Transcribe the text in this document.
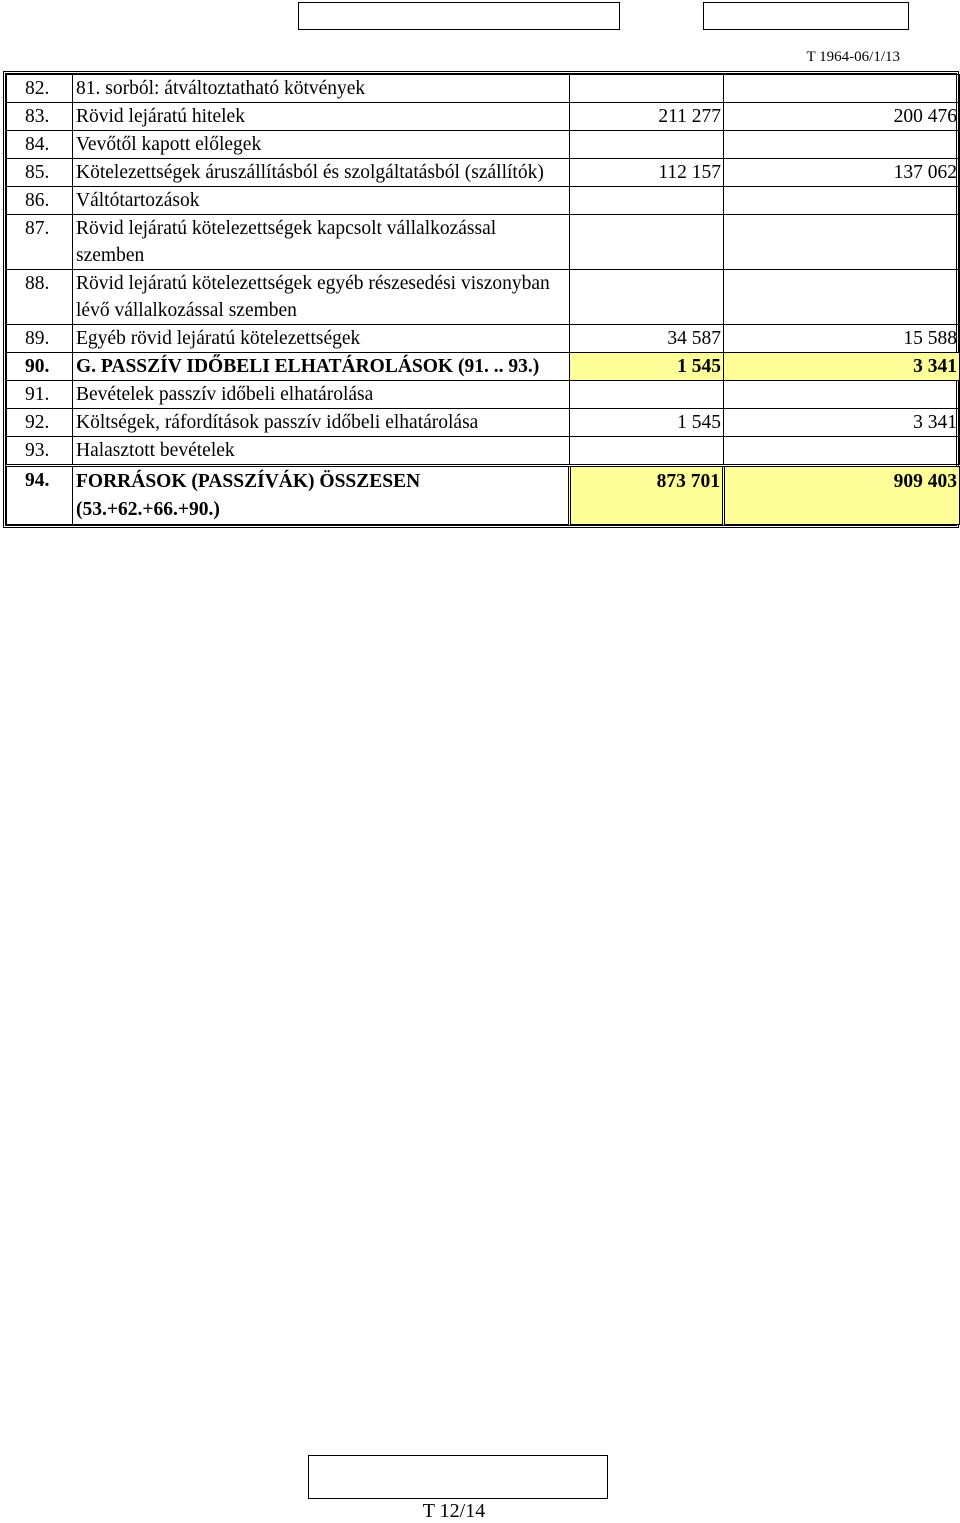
T 1964-06/1/13
82.	81. sorból: átváltoztatható kötvények		
83.	Rövid lejáratú hitelek	211 277	200 476
84.	Vevőtől kapott előlegek		
85.	Kötelezettségek áruszállításból és szolgáltatásból (szállítók)	112 157	137 062
86.	Váltótartozások		
87.	Rövid lejáratú kötelezettségek kapcsolt vállalkozással szemben		
88.	Rövid lejáratú kötelezettségek egyéb részesedési viszonyban lévő vállalkozással szemben		
89.	Egyéb rövid lejáratú kötelezettségek	34 587	15 588
90.	G. PASSZÍV IDŐBELI ELHATÁROLÁSOK (91. .. 93.)	1 545	3 341
91.	Bevételek passzív időbeli elhatárolása		
92.	Költségek, ráfordítások passzív időbeli elhatárolása	1 545	3 341
93.	Halasztott bevételek		
94.	FORRÁSOK (PASSZÍVÁK) ÖSSZESEN (53.+62.+66.+90.)	873 701	909 403
T 12/14
